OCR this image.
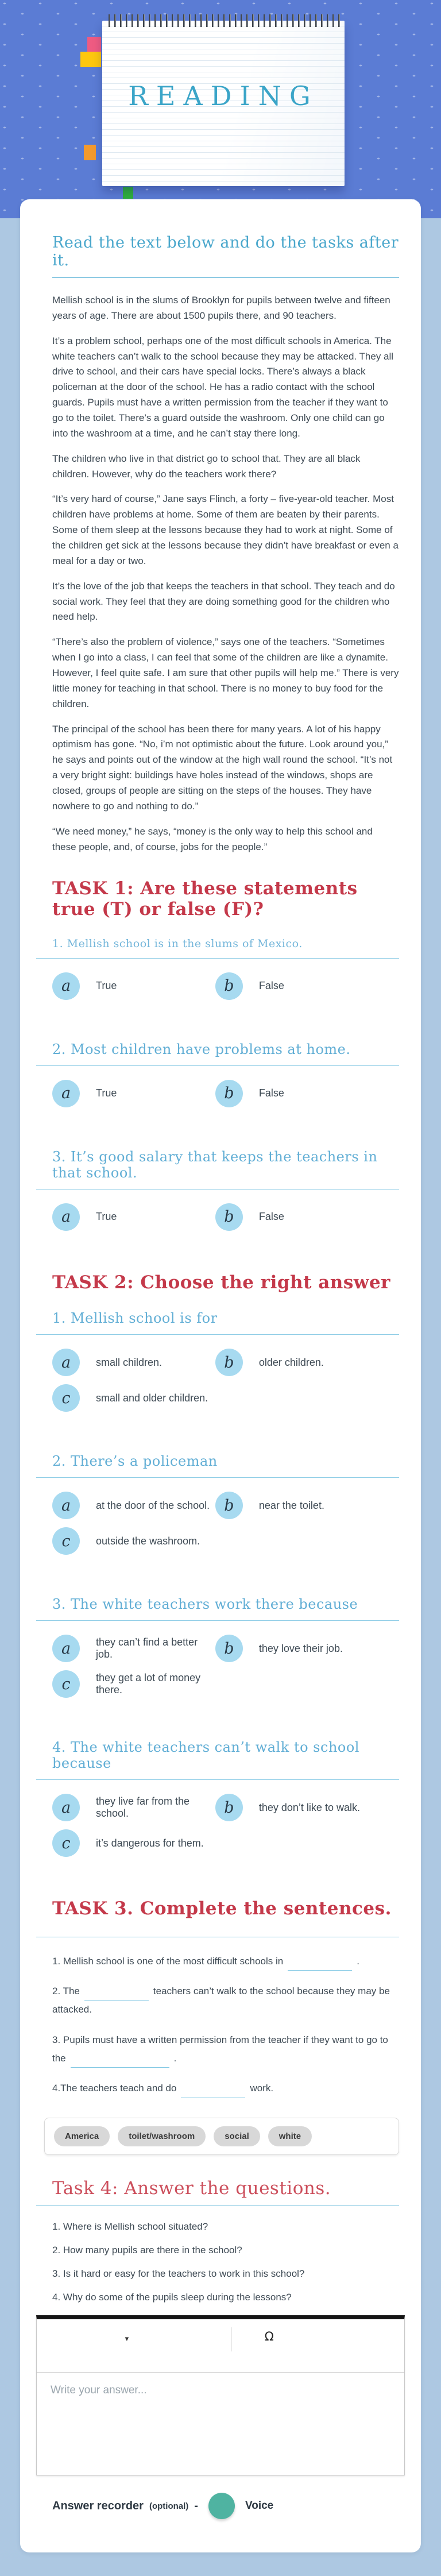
READING
Read the text below and do the tasks after it.

Mellish school is in the slums of Brooklyn for pupils between twelve and fifteen years of age. There are about 1500 pupils there, and 90 teachers.

It’s a problem school, perhaps one of the most difficult schools in America. The white teachers can’t walk to the school because they may be attacked. They all drive to school, and their cars have special locks. There’s always a black policeman at the door of the school. He has a radio contact with the school guards. Pupils must have a written permission from the teacher if they want to go to the toilet. There’s a guard outside the washroom. Only one child can go into the washroom at a time, and he can’t stay there long.

The children who live in that district go to school that. They are all black children. However, why do the teachers work there?

“It’s very hard of course,” Jane says Flinch, a forty – five-year-old teacher. Most children have problems at home. Some of them are beaten by their parents. Some of them sleep at the lessons because they had to work at night. Some of the children get sick at the lessons because they didn’t have breakfast or even a meal for a day or two.

It’s the love of the job that keeps the teachers in that school. They teach and do social work. They feel that they are doing something good for the children who need help.

“There’s also the problem of violence,” says one of the teachers. “Sometimes when I go into a class, I can feel that some of the children are like a dynamite. However, I feel quite safe. I am sure that other pupils will help me.” There is very little money for teaching in that school. There is no money to buy food for the children.

The principal of the school has been there for many years. A lot of his happy optimism has gone. “No, i’m not optimistic about the future. Look around you,” he says and points out of the window at the high wall round the school. “It’s not a very bright sight: buildings have holes instead of the windows, shops are closed, groups of people are sitting on the steps of the houses. They have nowhere to go and nothing to do.”

“We need money,” he says, “money is the only way to help this school and these people, and, of course, jobs for the people.”

TASK 1: Are these statements true (T) or false (F)?
1. Mellish school is in the slums of Mexico.
a	True	b	False
2. Most children have problems at home.
a	True	b	False
3. It’s good salary that keeps the teachers in that school.
a	True	b	False
TASK 2: Choose the right answer
1. Mellish school is for
a	small children.	b	older children.
c	small and older children.
2. There’s a policeman
a	at the door of the school. b	near the toilet.
c	outside the washroom.
3. The white teachers work there because
a	they can’t find a better job.	b	they love their job.
c	they get a lot of money there.
4. The white teachers can’t walk to school because
a	they live far from the school.	b	they don’t like to walk.
c	it’s dangerous for them.
TASK 3. Complete the sentences.

1. Mellish school is one of the most difficult schools in	.

2. The	teachers can’t walk to the school because they may be attacked.

3. Pupils must have a written permission from the teacher if they want to go to the	.

4.The teachers teach and do	work.

America	toilet/washroom	social	white
Task 4: Answer the questions.

1. Where is Mellish school situated?

2. How many pupils are there in the school?

3. Is it hard or easy for the teachers to work in this school?

4. Why do some of the pupils sleep during the lessons?

▾	Ω
Write your answer...
Answer recorder (optional) -	Voice
